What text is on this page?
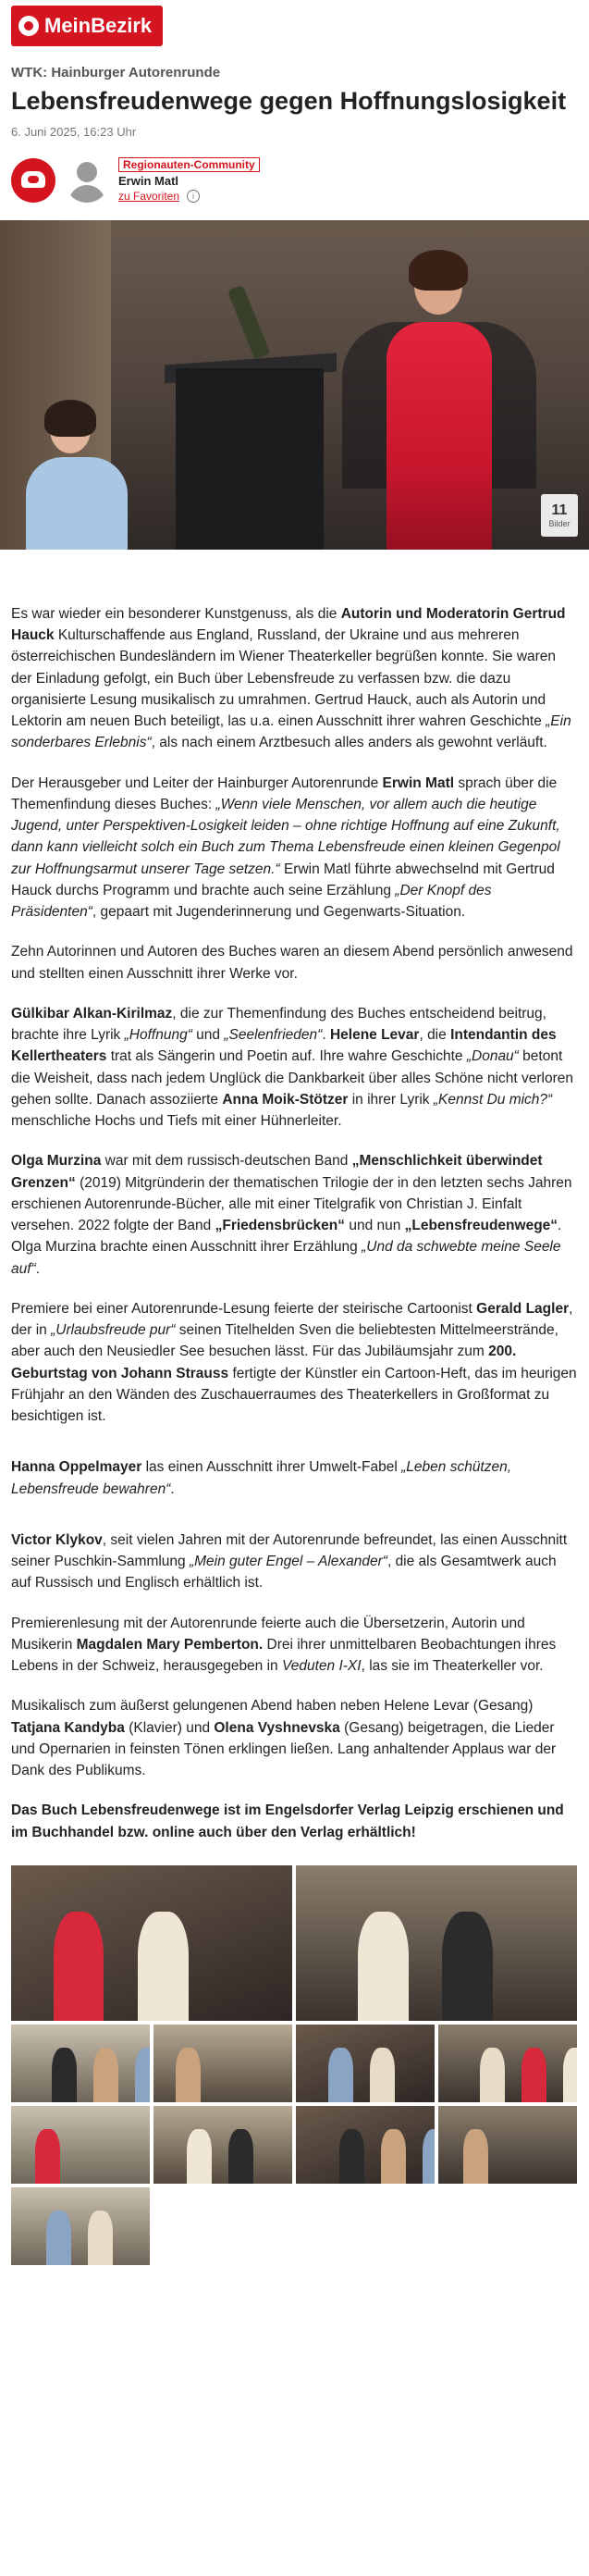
MeinBezirk
WTK: Hainburger Autorenrunde
Lebensfreudenwege gegen Hoffnungslosigkeit
6. Juni 2025, 16:23 Uhr
Regionauten-Community
Erwin Matl
zu Favoriten	i
11
Bilder

Es war wieder ein besonderer Kunstgenuss, als die Autorin und Moderatorin Gertrud Hauck Kulturschaffende aus England, Russland, der Ukraine und aus mehreren österreichischen Bundesländern im Wiener Theaterkeller begrüßen konnte. Sie waren der Einladung gefolgt, ein Buch über Lebensfreude zu verfassen bzw. die dazu organisierte Lesung musikalisch zu umrahmen. Gertrud Hauck, auch als Autorin und Lektorin am neuen Buch beteiligt, las u.a. einen Ausschnitt ihrer wahren Geschichte „Ein sonderbares Erlebnis“, als nach einem Arztbesuch alles anders als gewohnt verläuft.

Der Herausgeber und Leiter der Hainburger Autorenrunde Erwin Matl sprach über die Themenfindung dieses Buches: „Wenn viele Menschen, vor allem auch die heutige Jugend, unter Perspektiven-Losigkeit leiden – ohne richtige Hoffnung auf eine Zukunft, dann kann vielleicht solch ein Buch zum Thema Lebensfreude einen kleinen Gegenpol zur Hoffnungsarmut unserer Tage setzen.“ Erwin Matl führte abwechselnd mit Gertrud Hauck durchs Programm und brachte auch seine Erzählung „Der Knopf des Präsidenten“, gepaart mit Jugenderinnerung und Gegenwarts-Situation.

Zehn Autorinnen und Autoren des Buches waren an diesem Abend persönlich anwesend und stellten einen Ausschnitt ihrer Werke vor.

Gülkibar Alkan-Kirilmaz, die zur Themenfindung des Buches entscheidend beitrug, brachte ihre Lyrik „Hoffnung“ und „Seelenfrieden“. Helene Levar, die Intendantin des Kellertheaters trat als Sängerin und Poetin auf. Ihre wahre Geschichte „Donau“ betont die Weisheit, dass nach jedem Unglück die Dankbarkeit über alles Schöne nicht verloren gehen sollte. Danach assoziierte Anna Moik-Stötzer in ihrer Lyrik „Kennst Du mich?“ menschliche Hochs und Tiefs mit einer Hühnerleiter.

Olga Murzina war mit dem russisch-deutschen Band „Menschlichkeit überwindet Grenzen“ (2019) Mitgründerin der thematischen Trilogie der in den letzten sechs Jahren erschienen Autorenrunde-Bücher, alle mit einer Titelgrafik von Christian J. Einfalt versehen. 2022 folgte der Band „Friedensbrücken“ und nun „Lebensfreudenwege“. Olga Murzina brachte einen Ausschnitt ihrer Erzählung „Und da schwebte meine Seele auf“.

Premiere bei einer Autorenrunde-Lesung feierte der steirische Cartoonist Gerald Lagler, der in „Urlaubsfreude pur“ seinen Titelhelden Sven die beliebtesten Mittelmeerstrände, aber auch den Neusiedler See besuchen lässt. Für das Jubiläumsjahr zum 200. Geburtstag von Johann Strauss fertigte der Künstler ein Cartoon-Heft, das im heurigen Frühjahr an den Wänden des Zuschauerraumes des Theaterkellers in Großformat zu besichtigen ist.

Hanna Oppelmayer las einen Ausschnitt ihrer Umwelt-Fabel „Leben schützen, Lebensfreude bewahren“.

Victor Klykov, seit vielen Jahren mit der Autorenrunde befreundet, las einen Ausschnitt seiner Puschkin-Sammlung „Mein guter Engel – Alexander“, die als Gesamtwerk auch auf Russisch und Englisch erhältlich ist.

Premierenlesung mit der Autorenrunde feierte auch die Übersetzerin, Autorin und Musikerin Magdalen Mary Pemberton. Drei ihrer unmittelbaren Beobachtungen ihres Lebens in der Schweiz, herausgegeben in Veduten I-XI, las sie im Theaterkeller vor.

Musikalisch zum äußerst gelungenen Abend haben neben Helene Levar (Gesang) Tatjana Kandyba (Klavier) und Olena Vyshnevska (Gesang) beigetragen, die Lieder und Opernarien in feinsten Tönen erklingen ließen. Lang anhaltender Applaus war der Dank des Publikums.

Das Buch Lebensfreudenwege ist im Engelsdorfer Verlag Leipzig erschienen und im Buchhandel bzw. online auch über den Verlag erhältlich!
